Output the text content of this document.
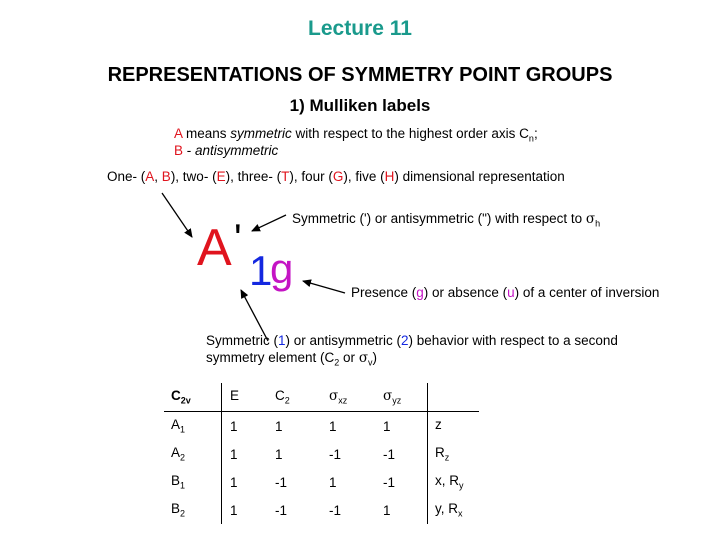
Lecture 11
REPRESENTATIONS OF SYMMETRY POINT GROUPS
1) Mulliken labels
A means symmetric with respect to the highest order axis $C_n$;
B - antisymmetric
One- (A, B), two- (E), three- (T), four (G), five (H) dimensional representation
A '
1
g
Symmetric (') or antisymmetric (") with respect to $\sigma_h$
Presence (g) or absence (u) of a center of inversion
Symmetric (1) or antisymmetric (2) behavior with respect to a second
symmetry element ($C_2$ or $\sigma_v$)
$C_{2v}$	E	$C_2$	$\sigma_{xz}$	$\sigma_{yz}$	
$A_1$	1	1	1	1	z
$A_2$	1	1	-1	-1	$R_z$
$B_1$	1	-1	1	-1	x, $R_y$
$B_2$	1	-1	-1	1	y, $R_x$
